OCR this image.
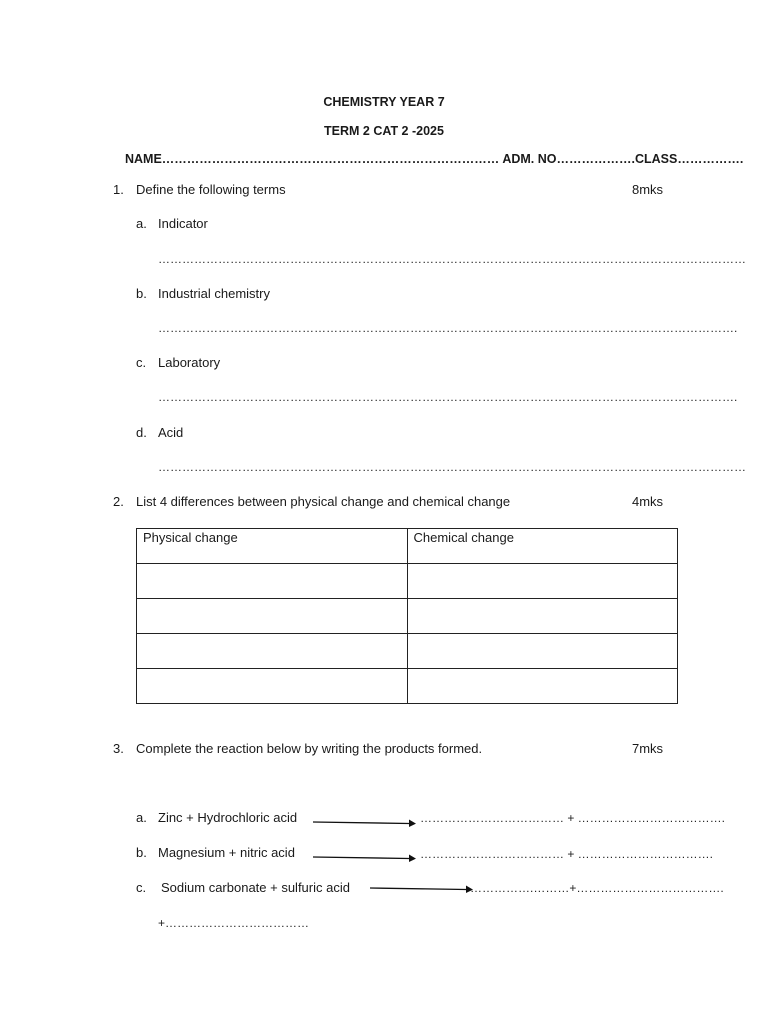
CHEMISTRY YEAR 7
TERM 2 CAT 2 -2025
NAME……………………………………………………………………… ADM. NO……………….CLASS…………….
1. Define the following terms	8mks
a. Indicator
…………………………………………………………………………………………………………………………………
b. Industrial chemistry
……………………………………………………………………………………………………………………………….
c. Laboratory
……………………………………………………………………………………………………………………………….
d. Acid
…………………………………………………………………………………………………………………………………
2. List 4 differences between physical change and chemical change	4mks
Physical change	Chemical change

3. Complete the reaction below by writing the products formed.	7mks
a. Zinc + Hydrochloric acid	……………………………… + ……………………………….
b. Magnesium + nitric acid	……………………………… + …………………………….
c. Sodium carbonate + sulfuric acid	…………….………+……………………………….
+………………………………
